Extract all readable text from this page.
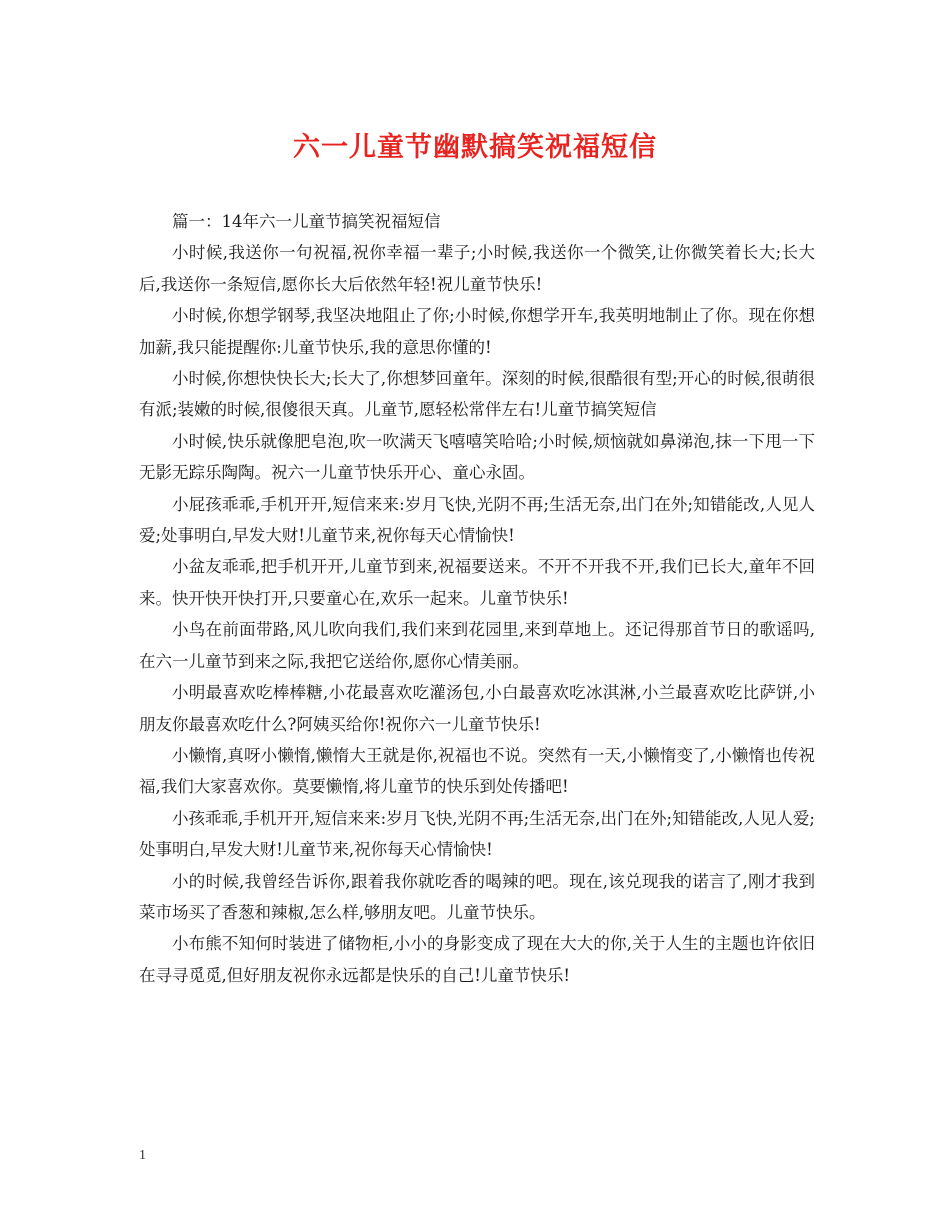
六一儿童节幽默搞笑祝福短信

篇一：14年六一儿童节搞笑祝福短信

小时候,我送你一句祝福,祝你幸福一辈子;小时候,我送你一个微笑,让你微笑着长大;长大后,我送你一条短信,愿你长大后依然年轻!祝儿童节快乐!

小时候,你想学钢琴,我坚决地阻止了你;小时候,你想学开车,我英明地制止了你。现在你想加薪,我只能提醒你:儿童节快乐,我的意思你懂的!

小时候,你想快快长大;长大了,你想梦回童年。深刻的时候,很酷很有型;开心的时候,很萌很有派;装嫩的时候,很傻很天真。儿童节,愿轻松常伴左右!儿童节搞笑短信

小时候,快乐就像肥皂泡,吹一吹满天飞嘻嘻笑哈哈;小时候,烦恼就如鼻涕泡,抹一下甩一下无影无踪乐陶陶。祝六一儿童节快乐开心、童心永固。

小屁孩乖乖,手机开开,短信来来:岁月飞快,光阴不再;生活无奈,出门在外;知错能改,人见人爱;处事明白,早发大财!儿童节来,祝你每天心情愉快!

小盆友乖乖,把手机开开,儿童节到来,祝福要送来。不开不开我不开,我们已长大,童年不回来。快开快开快打开,只要童心在,欢乐一起来。儿童节快乐!

小鸟在前面带路,风儿吹向我们,我们来到花园里,来到草地上。还记得那首节日的歌谣吗,在六一儿童节到来之际,我把它送给你,愿你心情美丽。

小明最喜欢吃棒棒糖,小花最喜欢吃灌汤包,小白最喜欢吃冰淇淋,小兰最喜欢吃比萨饼,小朋友你最喜欢吃什么?阿姨买给你!祝你六一儿童节快乐!

小懒惰,真呀小懒惰,懒惰大王就是你,祝福也不说。突然有一天,小懒惰变了,小懒惰也传祝福,我们大家喜欢你。莫要懒惰,将儿童节的快乐到处传播吧!

小孩乖乖,手机开开,短信来来:岁月飞快,光阴不再;生活无奈,出门在外;知错能改,人见人爱;处事明白,早发大财!儿童节来,祝你每天心情愉快!

小的时候,我曾经告诉你,跟着我你就吃香的喝辣的吧。现在,该兑现我的诺言了,刚才我到菜市场买了香葱和辣椒,怎么样,够朋友吧。儿童节快乐。

小布熊不知何时装进了储物柜,小小的身影变成了现在大大的你,关于人生的主题也许依旧在寻寻觅觅,但好朋友祝你永远都是快乐的自己!儿童节快乐!

1
